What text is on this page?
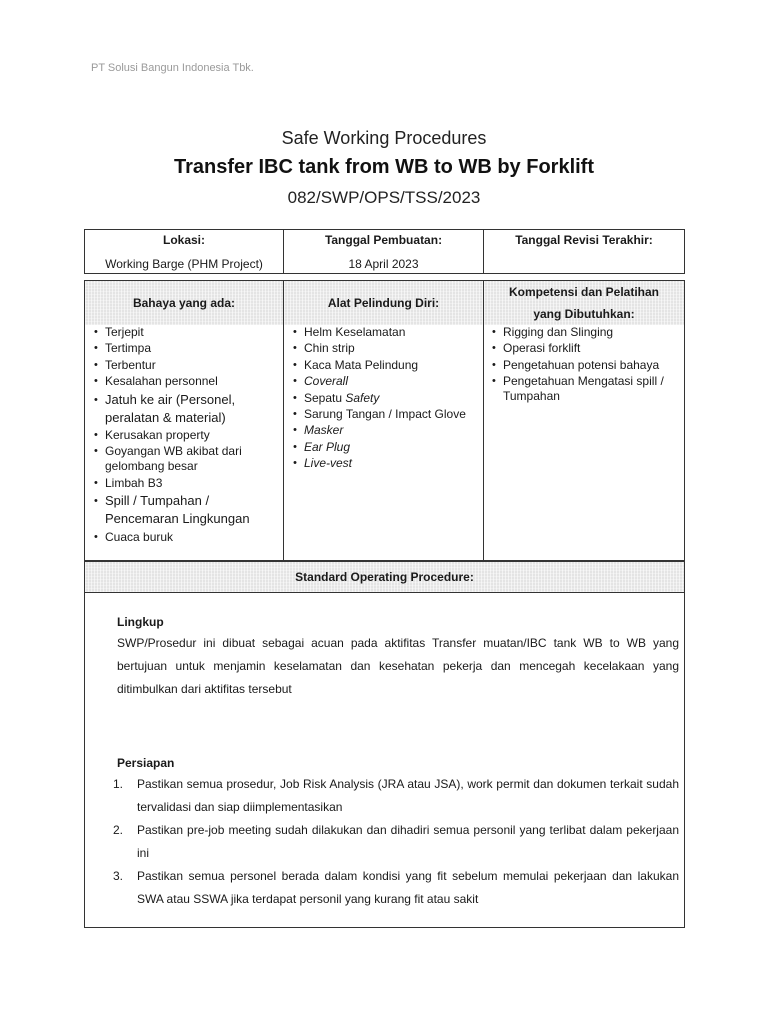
PT Solusi Bangun Indonesia Tbk.
Safe Working Procedures
Transfer IBC tank from WB to WB by Forklift
082/SWP/OPS/TSS/2023
Lokasi:
Working Barge (PHM Project)
Tanggal Pembuatan:
18 April 2023
Tanggal Revisi Terakhir:
Bahaya yang ada:	Alat Pelindung Diri:
Kompetensi dan Pelatihan yang Dibutuhkan:
• Terjepit
• Tertimpa
• Terbentur
• Kesalahan personnel
• Jatuh ke air (Personel, peralatan & material)
• Kerusakan property
• Goyangan WB akibat dari gelombang besar
• Limbah B3
• Spill / Tumpahan / Pencemaran Lingkungan
• Cuaca buruk
• Helm Keselamatan
• Chin strip
• Kaca Mata Pelindung
• Coverall
• Sepatu Safety
• Sarung Tangan / Impact Glove
• Masker
• Ear Plug
• Live-vest
• Rigging dan Slinging
• Operasi forklift
• Pengetahuan potensi bahaya
• Pengetahuan Mengatasi spill / Tumpahan
Standard Operating Procedure:
Lingkup
SWP/Prosedur ini dibuat sebagai acuan pada aktifitas Transfer muatan/IBC tank WB to WB yang bertujuan untuk menjamin keselamatan dan kesehatan pekerja dan mencegah kecelakaan yang ditimbulkan dari aktifitas tersebut
Persiapan
1. Pastikan semua prosedur, Job Risk Analysis (JRA atau JSA), work permit dan dokumen terkait sudah tervalidasi dan siap diimplementasikan
2. Pastikan pre-job meeting sudah dilakukan dan dihadiri semua personil yang terlibat dalam pekerjaan ini
3. Pastikan semua personel berada dalam kondisi yang fit sebelum memulai pekerjaan dan lakukan SWA atau SSWA jika terdapat personil yang kurang fit atau sakit
